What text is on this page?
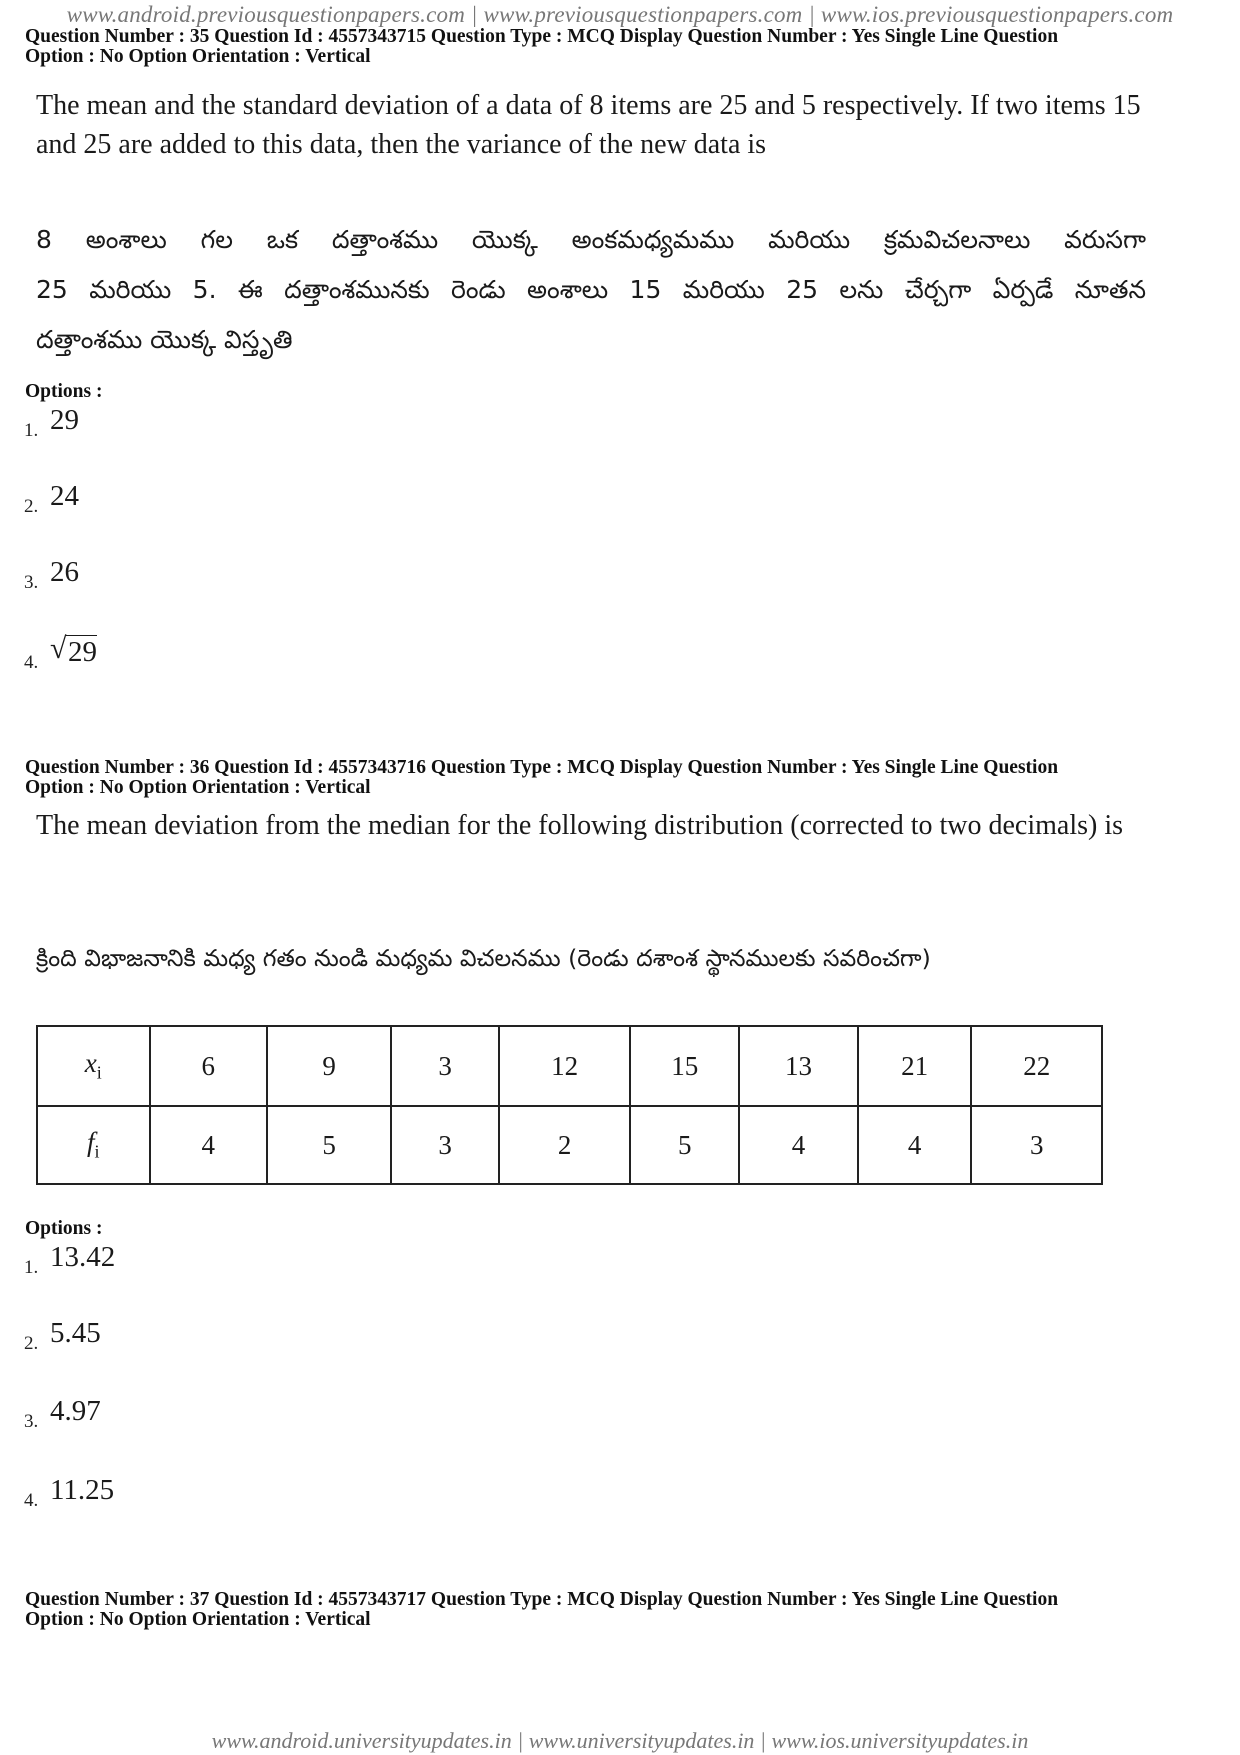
www.android.previousquestionpapers.com | www.previousquestionpapers.com | www.ios.previousquestionpapers.com
Question Number : 35 Question Id : 4557343715 Question Type : MCQ Display Question Number : Yes Single Line Question
Option : No Option Orientation : Vertical
The mean and the standard deviation of a data of 8 items are 25 and 5 respectively. If two items 15 and 25 are added to this data, then the variance of the new data is
8 అంశాలు గల ఒక దత్తాంశము యొక్క అంకమధ్యమము మరియు క్రమవిచలనాలు వరుసగా
25 మరియు 5. ఈ దత్తాంశమునకు రెండు అంశాలు 15 మరియు 25 లను చేర్చగా ఏర్పడే నూతన
దత్తాంశము యొక్క విస్తృతి
Options :
1. 29
2. 24
3. 26
4. √ 29
Question Number : 36 Question Id : 4557343716 Question Type : MCQ Display Question Number : Yes Single Line Question
Option : No Option Orientation : Vertical
The mean deviation from the median for the following distribution (corrected to two decimals) is
క్రింది విభాజనానికి మధ్య గతం నుండి మధ్యమ విచలనము (రెండు దశాంశ స్థానములకు సవరించగా)
$x_i$	6	9	3	12	15	13	21	22
$f_i$	4	5	3	2	5	4	4	3
Options :
1. 13.42
2. 5.45
3. 4.97
4. 11.25
Question Number : 37 Question Id : 4557343717 Question Type : MCQ Display Question Number : Yes Single Line Question
Option : No Option Orientation : Vertical
www.android.universityupdates.in | www.universityupdates.in | www.ios.universityupdates.in
